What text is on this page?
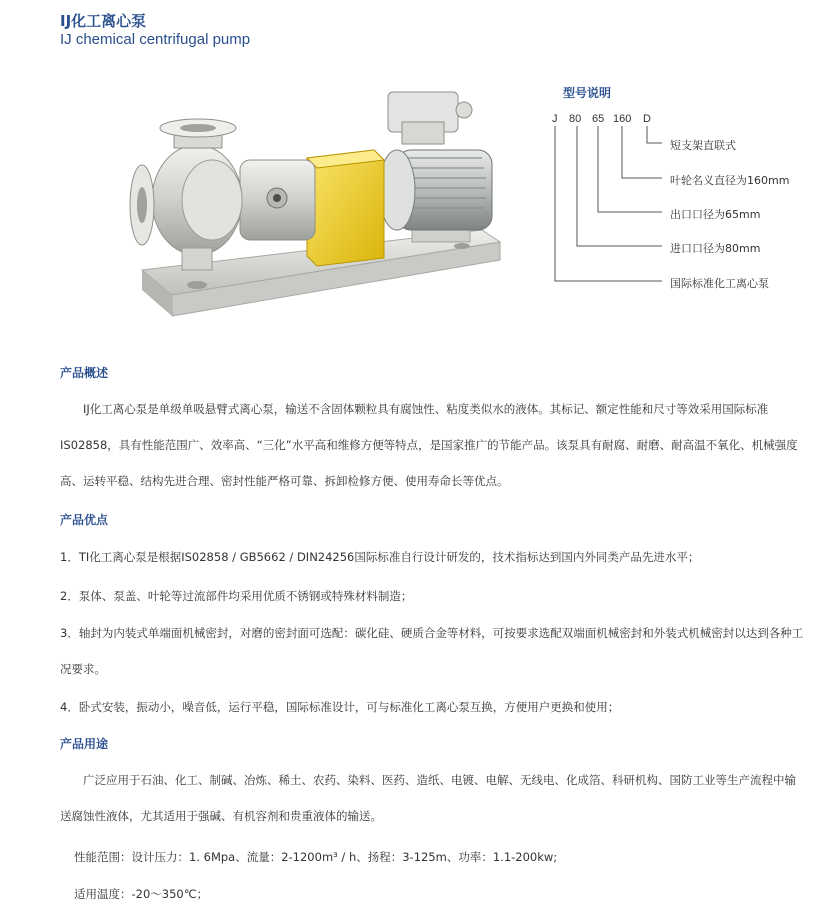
IJ化工离心泵
IJ chemical centrifugal pump
型号说明
J 80 65 160 D
短支架直联式
叶轮名义直径为160mm
出口口径为65mm
进口口径为80mm
国际标准化工离心泵
产品概述

IJ化工离心泵是单级单吸悬臂式离心泵，输送不含固体颗粒具有腐蚀性、粘度类似水的液体。其标记、额定性能和尺寸等效采用国际标准IS02858，具有性能范围广、效率高、“三化”水平高和维修方便等特点，是国家推广的节能产品。该泵具有耐腐、耐磨、耐高温不氧化、机械强度高、运转平稳、结构先进合理、密封性能严格可靠、拆卸检修方便、使用寿命长等优点。

产品优点

1．TI化工离心泵是根据IS02858 / GB5662 / DIN24256国际标准自行设计研发的，技术指标达到国内外同类产品先进水平；

2．泵体、泵盖、叶轮等过流部件均采用优质不锈钢或特殊材料制造；

3．轴封为内装式单端面机械密封，对磨的密封面可选配：碳化硅、硬质合金等材料，可按要求选配双端面机械密封和外装式机械密封以达到各种工况要求。

4．卧式安装，振动小，噪音低，运行平稳，国际标准设计，可与标准化工离心泵互换，方便用户更换和使用；

产品用途

广泛应用于石油、化工、制碱、冶炼、稀土、农药、染料、医药、造纸、电镀、电解、无线电、化成箔、科研机构、国防工业等生产流程中输送腐蚀性液体，尤其适用于强碱、有机容剂和贵重液体的输送。

性能范围：设计压力：1. 6Mpa、流量：2-1200m³ / h、扬程：3-125m、功率：1.1-200kw;

适用温度：-20～350℃；
